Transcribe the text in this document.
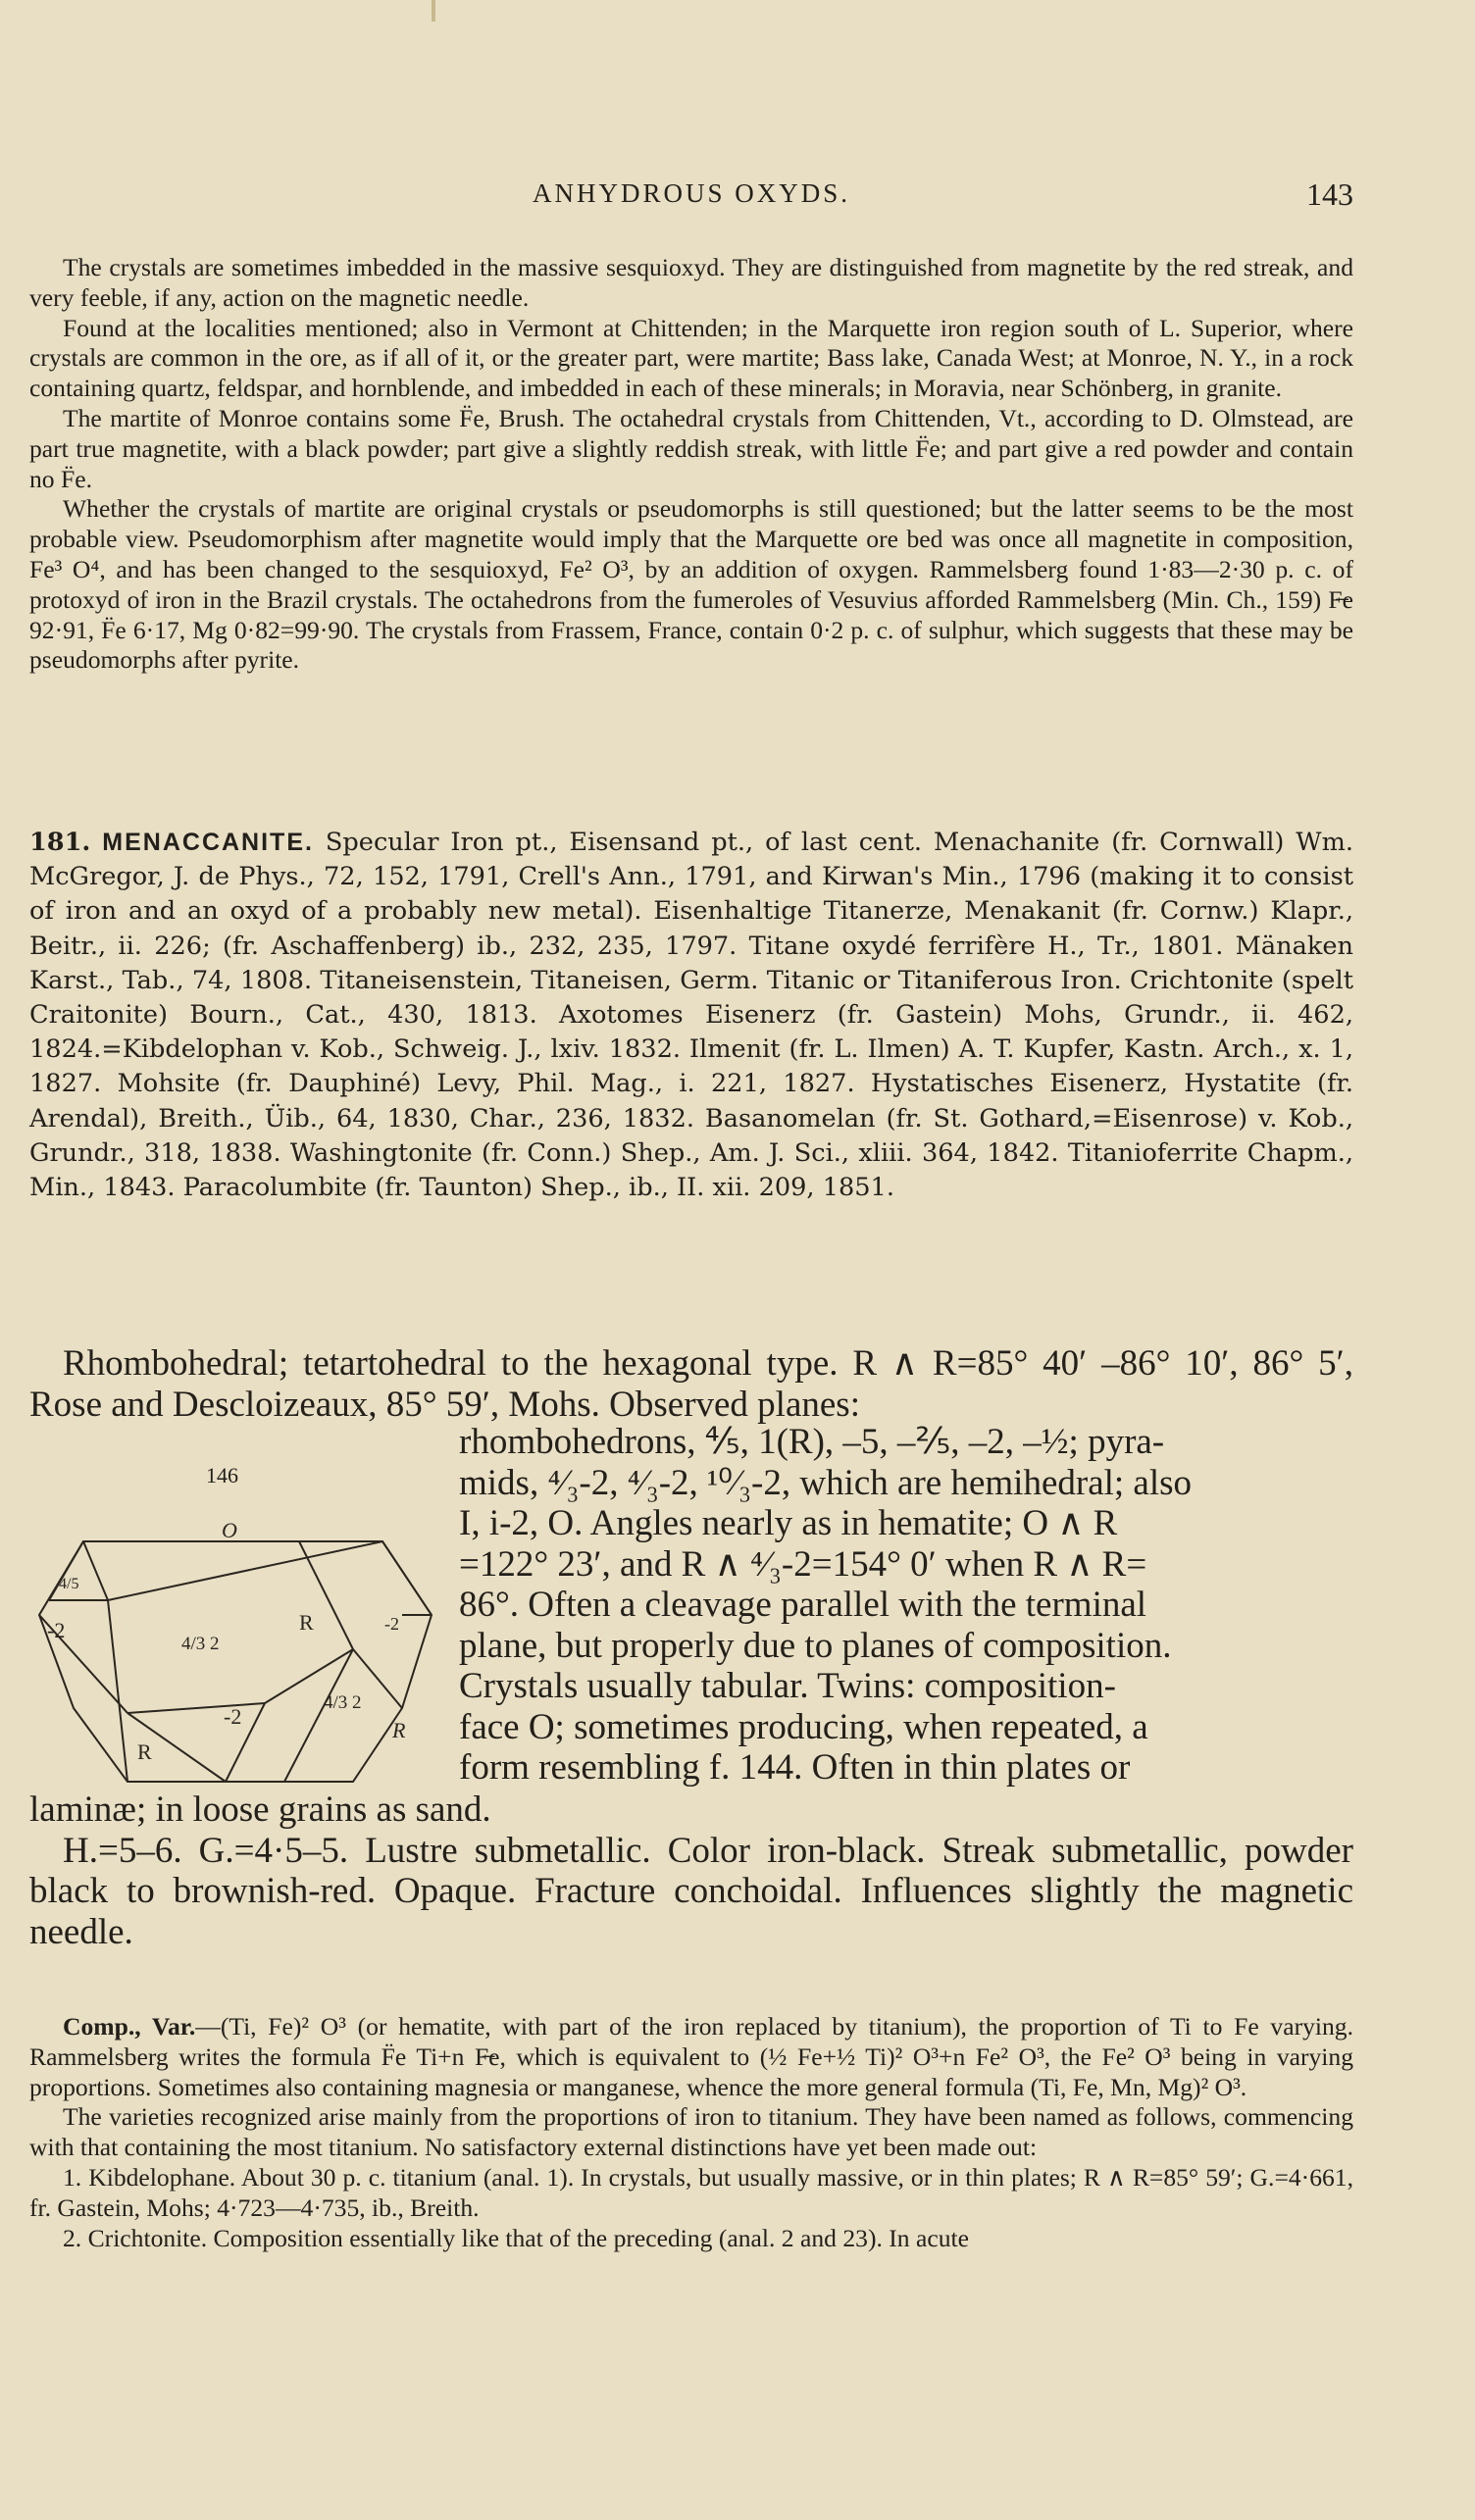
ANHYDROUS OXYDS.	143

The crystals are sometimes imbedded in the massive sesquioxyd. They are distinguished from magnetite by the red streak, and very feeble, if any, action on the magnetic needle.

Found at the localities mentioned; also in Vermont at Chittenden; in the Marquette iron region south of L. Superior, where crystals are common in the ore, as if all of it, or the greater part, were martite; Bass lake, Canada West; at Monroe, N. Y., in a rock containing quartz, feldspar, and hornblende, and imbedded in each of these minerals; in Moravia, near Schönberg, in granite.

The martite of Monroe contains some F̈e, Brush. The octahedral crystals from Chittenden, Vt., according to D. Olmstead, are part true magnetite, with a black powder; part give a slightly reddish streak, with little F̈e; and part give a red powder and contain no F̈e.

Whether the crystals of martite are original crystals or pseudomorphs is still questioned; but the latter seems to be the most probable view. Pseudomorphism after magnetite would imply that the Marquette ore bed was once all magnetite in composition, Fe³ O⁴, and has been changed to the sesquioxyd, Fe² O³, by an addition of oxygen. Rammelsberg found 1·83—2·30 p. c. of protoxyd of iron in the Brazil crystals. The octahedrons from the fumeroles of Vesuvius afforded Rammelsberg (Min. Ch., 159) F̶e 92·91, F̈e 6·17, Mg 0·82=99·90. The crystals from Frassem, France, contain 0·2 p. c. of sulphur, which suggests that these may be pseudomorphs after pyrite.

181. MENACCANITE. Specular Iron pt., Eisensand pt., of last cent. Menachanite (fr. Cornwall) Wm. McGregor, J. de Phys., 72, 152, 1791, Crell's Ann., 1791, and Kirwan's Min., 1796 (making it to consist of iron and an oxyd of a probably new metal). Eisenhaltige Titanerze, Menakanit (fr. Cornw.) Klapr., Beitr., ii. 226; (fr. Aschaffenberg) ib., 232, 235, 1797. Titane oxydé ferrifère H., Tr., 1801. Mänaken Karst., Tab., 74, 1808. Titaneisenstein, Titaneisen, Germ. Titanic or Titaniferous Iron. Crichtonite (spelt Craitonite) Bourn., Cat., 430, 1813. Axotomes Eisenerz (fr. Gastein) Mohs, Grundr., ii. 462, 1824.=Kibdelophan v. Kob., Schweig. J., lxiv. 1832. Ilmenit (fr. L. Ilmen) A. T. Kupfer, Kastn. Arch., x. 1, 1827. Mohsite (fr. Dauphiné) Levy, Phil. Mag., i. 221, 1827. Hystatisches Eisenerz, Hystatite (fr. Arendal), Breith., Üib., 64, 1830, Char., 236, 1832. Basanomelan (fr. St. Gothard,=Eisenrose) v. Kob., Grundr., 318, 1838. Washingtonite (fr. Conn.) Shep., Am. J. Sci., xliii. 364, 1842. Titanioferrite Chapm., Min., 1843. Paracolumbite (fr. Taunton) Shep., ib., II. xii. 209, 1851.

Rhombohedral; tetartohedral to the hexagonal type. R ∧ R=85° 40′ –86° 10′, 86° 5′, Rose and Descloizeaux, 85° 59′, Mohs. Observed planes:

146
O
4/5
-2
4/3 2
R	-2
R
-2
4/3 2
R
rhombohedrons, ⅘, 1(R), –5, –⅖, –2, –½; pyra-
mids, ⁴⁄₃-2, ⁴⁄₃-2, ¹⁰⁄₃-2, which are hemihedral; also
I, i-2, O. Angles nearly as in hematite; O ∧ R
=122° 23′, and R ∧ ⁴⁄₃-2=154° 0′ when R ∧ R=
86°. Often a cleavage parallel with the terminal
plane, but properly due to planes of composition.
Crystals usually tabular. Twins: composition-
face O; sometimes producing, when repeated, a
form resembling f. 144. Often in thin plates or

laminæ; in loose grains as sand.

H.=5–6. G.=4·5–5. Lustre submetallic. Color iron-black. Streak submetallic, powder black to brownish-red. Opaque. Fracture conchoidal. Influences slightly the magnetic needle.

Comp., Var.—(Ti, Fe)² O³ (or hematite, with part of the iron replaced by titanium), the proportion of Ti to Fe varying. Rammelsberg writes the formula F̈e Ti+n F̶e, which is equivalent to (½ Fe+½ Ti)² O³+n Fe² O³, the Fe² O³ being in varying proportions. Sometimes also containing magnesia or manganese, whence the more general formula (Ti, Fe, Mn, Mg)² O³.

The varieties recognized arise mainly from the proportions of iron to titanium. They have been named as follows, commencing with that containing the most titanium. No satisfactory external distinctions have yet been made out:

1. Kibdelophane. About 30 p. c. titanium (anal. 1). In crystals, but usually massive, or in thin plates; R ∧ R=85° 59′; G.=4·661, fr. Gastein, Mohs; 4·723—4·735, ib., Breith.

2. Crichtonite. Composition essentially like that of the preceding (anal. 2 and 23). In acute
